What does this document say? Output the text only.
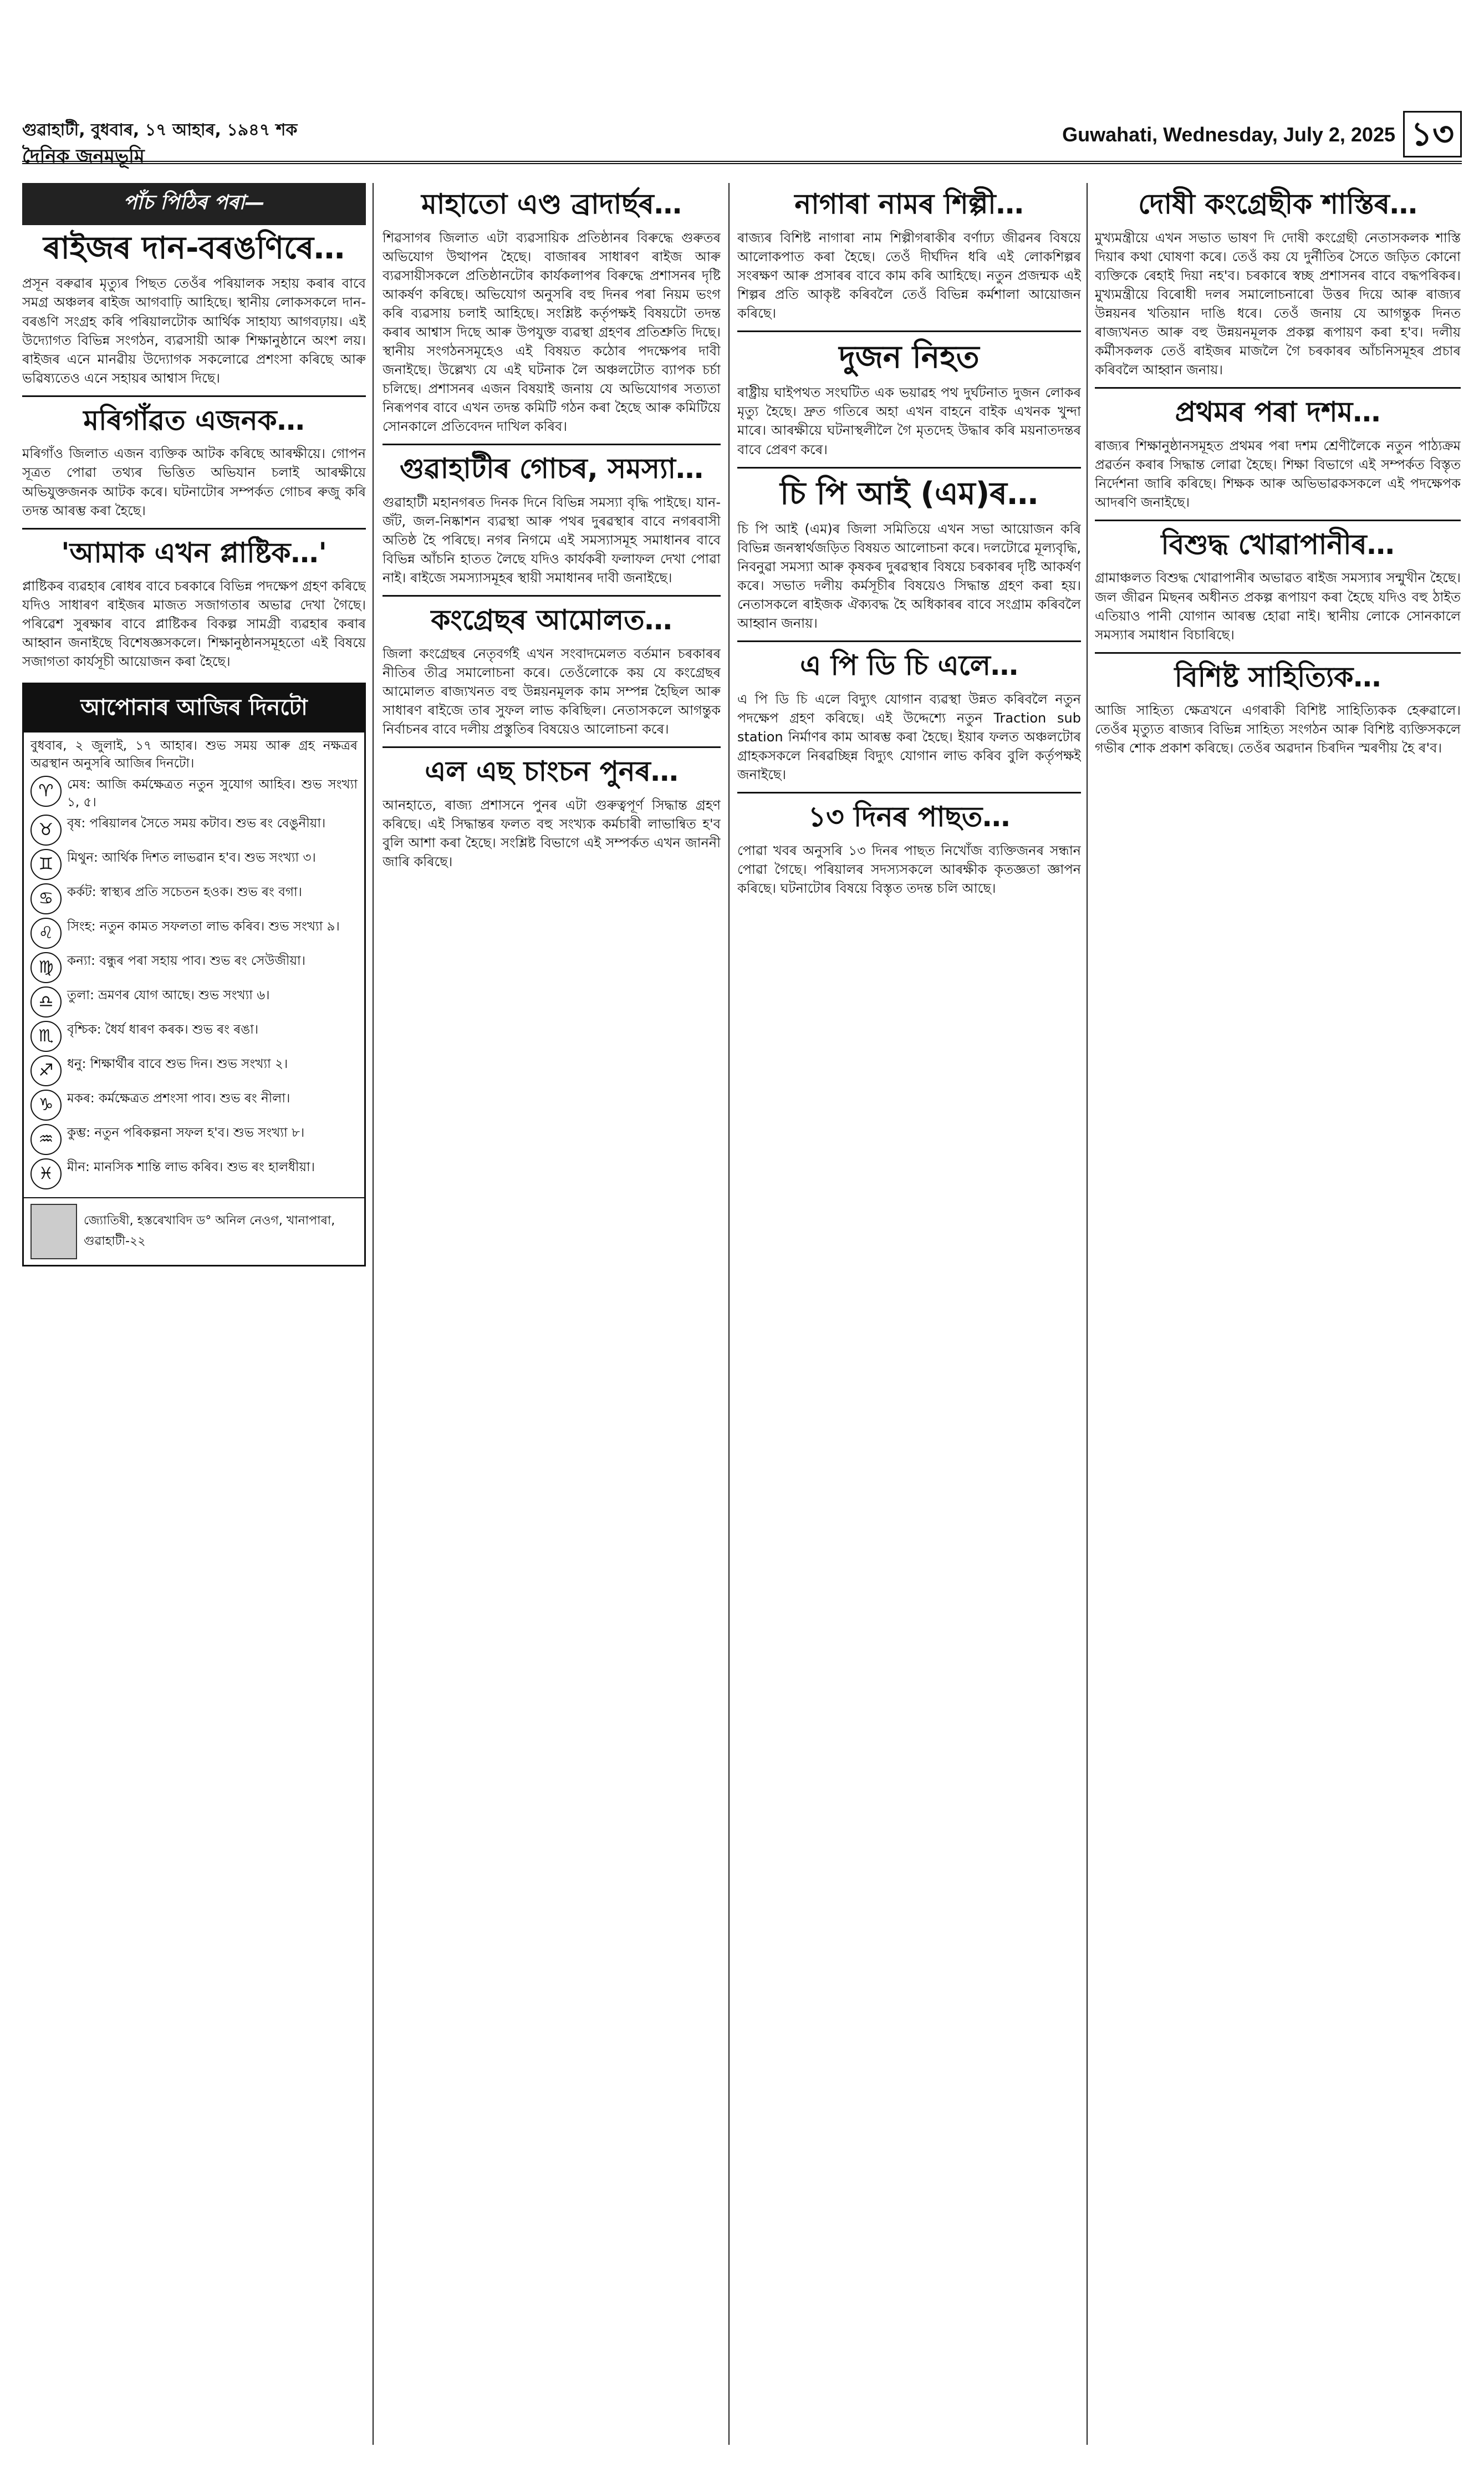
গুৱাহাটী, বুধবাৰ, ১৭ আহাৰ, ১৯৪৭ শক
দৈনিক জনমভূমি
Guwahati, Wednesday, July 2, 2025 ১৩
পাঁচ পিঠিৰ পৰা—
ৰাইজৰ দান-বৰঙণিৰে…

প্ৰসূন বৰুৱাৰ মৃত্যুৰ পিছত তেওঁৰ পৰিয়ালক সহায় কৰাৰ বাবে সমগ্ৰ অঞ্চলৰ ৰাইজ আগবাঢ়ি আহিছে। স্থানীয় লোকসকলে দান-বৰঙণি সংগ্ৰহ কৰি পৰিয়ালটোক আৰ্থিক সাহায্য আগবঢ়ায়। এই উদ্যোগত বিভিন্ন সংগঠন, ব্যৱসায়ী আৰু শিক্ষানুষ্ঠানে অংশ লয়। ৰাইজৰ এনে মানৱীয় উদ্যোগক সকলোৱে প্ৰশংসা কৰিছে আৰু ভৱিষ্যতেও এনে সহায়ৰ আশ্বাস দিছে।

মৰিগাঁৱত এজনক…

মৰিগাঁও জিলাত এজন ব্যক্তিক আটক কৰিছে আৰক্ষীয়ে। গোপন সূত্ৰত পোৱা তথ্যৰ ভিত্তিত অভিযান চলাই আৰক্ষীয়ে অভিযুক্তজনক আটক কৰে। ঘটনাটোৰ সম্পৰ্কত গোচৰ ৰুজু কৰি তদন্ত আৰম্ভ কৰা হৈছে।

'আমাক এখন প্লাষ্টিক…'

প্লাষ্টিকৰ ব্যৱহাৰ ৰোধৰ বাবে চৰকাৰে বিভিন্ন পদক্ষেপ গ্ৰহণ কৰিছে যদিও সাধাৰণ ৰাইজৰ মাজত সজাগতাৰ অভাৱ দেখা গৈছে। পৰিৱেশ সুৰক্ষাৰ বাবে প্লাষ্টিকৰ বিকল্প সামগ্ৰী ব্যৱহাৰ কৰাৰ আহ্বান জনাইছে বিশেষজ্ঞসকলে। শিক্ষানুষ্ঠানসমূহতো এই বিষয়ে সজাগতা কাৰ্যসূচী আয়োজন কৰা হৈছে।

আপোনাৰ আজিৰ দিনটো
বুধবাৰ, ২ জুলাই, ১৭ আহাৰ। শুভ সময় আৰু গ্ৰহ নক্ষত্ৰৰ অৱস্থান অনুসৰি আজিৰ দিনটো।
♈	মেষ: আজি কৰ্মক্ষেত্ৰত নতুন সুযোগ আহিব। শুভ সংখ্যা ১, ৫।
♉	বৃষ: পৰিয়ালৰ সৈতে সময় কটাব। শুভ ৰং বেঙুনীয়া।
♊	মিথুন: আৰ্থিক দিশত লাভৱান হ'ব। শুভ সংখ্যা ৩।
♋	কৰ্কট: স্বাস্থ্যৰ প্ৰতি সচেতন হওক। শুভ ৰং বগা।
♌	সিংহ: নতুন কামত সফলতা লাভ কৰিব। শুভ সংখ্যা ৯।
♍	কন্যা: বন্ধুৰ পৰা সহায় পাব। শুভ ৰং সেউজীয়া।
♎	তুলা: ভ্ৰমণৰ যোগ আছে। শুভ সংখ্যা ৬।
♏	বৃশ্চিক: ধৈৰ্য ধাৰণ কৰক। শুভ ৰং ৰঙা।
♐	ধনু: শিক্ষাৰ্থীৰ বাবে শুভ দিন। শুভ সংখ্যা ২।
♑	মকৰ: কৰ্মক্ষেত্ৰত প্ৰশংসা পাব। শুভ ৰং নীলা।
♒	কুম্ভ: নতুন পৰিকল্পনা সফল হ'ব। শুভ সংখ্যা ৮।
♓	মীন: মানসিক শান্তি লাভ কৰিব। শুভ ৰং হালধীয়া।
জ্যোতিষী, হস্তৰেখাবিদ ড° অনিল নেওগ, খানাপাৰা, গুৱাহাটী-২২
মাহাতো এণ্ড ব্ৰাদাৰ্ছৰ…

শিৱসাগৰ জিলাত এটা ব্যৱসায়িক প্ৰতিষ্ঠানৰ বিৰুদ্ধে গুৰুতৰ অভিযোগ উত্থাপন হৈছে। বাজাৰৰ সাধাৰণ ৰাইজ আৰু ব্যৱসায়ীসকলে প্ৰতিষ্ঠানটোৰ কাৰ্যকলাপৰ বিৰুদ্ধে প্ৰশাসনৰ দৃষ্টি আকৰ্ষণ কৰিছে। অভিযোগ অনুসৰি বহু দিনৰ পৰা নিয়ম ভংগ কৰি ব্যৱসায় চলাই আহিছে। সংশ্লিষ্ট কৰ্তৃপক্ষই বিষয়টো তদন্ত কৰাৰ আশ্বাস দিছে আৰু উপযুক্ত ব্যৱস্থা গ্ৰহণৰ প্ৰতিশ্ৰুতি দিছে। স্থানীয় সংগঠনসমূহেও এই বিষয়ত কঠোৰ পদক্ষেপৰ দাবী জনাইছে। উল্লেখ্য যে এই ঘটনাক লৈ অঞ্চলটোত ব্যাপক চৰ্চা চলিছে। প্ৰশাসনৰ এজন বিষয়াই জনায় যে অভিযোগৰ সত্যতা নিৰূপণৰ বাবে এখন তদন্ত কমিটি গঠন কৰা হৈছে আৰু কমিটিয়ে সোনকালে প্ৰতিবেদন দাখিল কৰিব।

গুৱাহাটীৰ গোচৰ, সমস্যা…

গুৱাহাটী মহানগৰত দিনক দিনে বিভিন্ন সমস্যা বৃদ্ধি পাইছে। যান-জঁট, জল-নিষ্কাশন ব্যৱস্থা আৰু পথৰ দুৰৱস্থাৰ বাবে নগৰবাসী অতিষ্ঠ হৈ পৰিছে। নগৰ নিগমে এই সমস্যাসমূহ সমাধানৰ বাবে বিভিন্ন আঁচনি হাতত লৈছে যদিও কাৰ্যকৰী ফলাফল দেখা পোৱা নাই। ৰাইজে সমস্যাসমূহৰ স্থায়ী সমাধানৰ দাবী জনাইছে।

কংগ্ৰেছৰ আমোলত…

জিলা কংগ্ৰেছৰ নেতৃবৰ্গই এখন সংবাদমেলত বৰ্তমান চৰকাৰৰ নীতিৰ তীব্ৰ সমালোচনা কৰে। তেওঁলোকে কয় যে কংগ্ৰেছৰ আমোলত ৰাজ্যখনত বহু উন্নয়নমূলক কাম সম্পন্ন হৈছিল আৰু সাধাৰণ ৰাইজে তাৰ সুফল লাভ কৰিছিল। নেতাসকলে আগন্তুক নিৰ্বাচনৰ বাবে দলীয় প্ৰস্তুতিৰ বিষয়েও আলোচনা কৰে।

এল এছ চাংচন পুনৰ…

আনহাতে, ৰাজ্য প্ৰশাসনে পুনৰ এটা গুৰুত্বপূৰ্ণ সিদ্ধান্ত গ্ৰহণ কৰিছে। এই সিদ্ধান্তৰ ফলত বহু সংখ্যক কৰ্মচাৰী লাভান্বিত হ'ব বুলি আশা কৰা হৈছে। সংশ্লিষ্ট বিভাগে এই সম্পৰ্কত এখন জাননী জাৰি কৰিছে।

নাগাৰা নামৰ শিল্পী…

ৰাজ্যৰ বিশিষ্ট নাগাৰা নাম শিল্পীগৰাকীৰ বৰ্ণাঢ্য জীৱনৰ বিষয়ে আলোকপাত কৰা হৈছে। তেওঁ দীৰ্ঘদিন ধৰি এই লোকশিল্পৰ সংৰক্ষণ আৰু প্ৰসাৰৰ বাবে কাম কৰি আহিছে। নতুন প্ৰজন্মক এই শিল্পৰ প্ৰতি আকৃষ্ট কৰিবলৈ তেওঁ বিভিন্ন কৰ্মশালা আয়োজন কৰিছে।

দুজন নিহত

ৰাষ্ট্ৰীয় ঘাইপথত সংঘটিত এক ভয়াৱহ পথ দুৰ্ঘটনাত দুজন লোকৰ মৃত্যু হৈছে। দ্ৰুত গতিৰে অহা এখন বাহনে বাইক এখনক খুন্দা মাৰে। আৰক্ষীয়ে ঘটনাস্থলীলৈ গৈ মৃতদেহ উদ্ধাৰ কৰি ময়নাতদন্তৰ বাবে প্ৰেৰণ কৰে।

চি পি আই (এম)ৰ…

চি পি আই (এম)ৰ জিলা সমিতিয়ে এখন সভা আয়োজন কৰি বিভিন্ন জনস্বাৰ্থজড়িত বিষয়ত আলোচনা কৰে। দলটোৱে মূল্যবৃদ্ধি, নিবনুৱা সমস্যা আৰু কৃষকৰ দুৰৱস্থাৰ বিষয়ে চৰকাৰৰ দৃষ্টি আকৰ্ষণ কৰে। সভাত দলীয় কৰ্মসূচীৰ বিষয়েও সিদ্ধান্ত গ্ৰহণ কৰা হয়। নেতাসকলে ৰাইজক ঐক্যবদ্ধ হৈ অধিকাৰৰ বাবে সংগ্ৰাম কৰিবলৈ আহ্বান জনায়।

এ পি ডি চি এলে…

এ পি ডি চি এলে বিদ্যুৎ যোগান ব্যৱস্থা উন্নত কৰিবলৈ নতুন পদক্ষেপ গ্ৰহণ কৰিছে। এই উদ্দেশ্যে নতুন Traction sub station নিৰ্মাণৰ কাম আৰম্ভ কৰা হৈছে। ইয়াৰ ফলত অঞ্চলটোৰ গ্ৰাহকসকলে নিৰৱচ্ছিন্ন বিদ্যুৎ যোগান লাভ কৰিব বুলি কৰ্তৃপক্ষই জনাইছে।

১৩ দিনৰ পাছত…

পোৱা খবৰ অনুসৰি ১৩ দিনৰ পাছত নিখোঁজ ব্যক্তিজনৰ সন্ধান পোৱা গৈছে। পৰিয়ালৰ সদস্যসকলে আৰক্ষীক কৃতজ্ঞতা জ্ঞাপন কৰিছে। ঘটনাটোৰ বিষয়ে বিস্তৃত তদন্ত চলি আছে।

দোষী কংগ্ৰেছীক শাস্তিৰ…

মুখ্যমন্ত্ৰীয়ে এখন সভাত ভাষণ দি দোষী কংগ্ৰেছী নেতাসকলক শাস্তি দিয়াৰ কথা ঘোষণা কৰে। তেওঁ কয় যে দুৰ্নীতিৰ সৈতে জড়িত কোনো ব্যক্তিকে ৰেহাই দিয়া নহ'ব। চৰকাৰে স্বচ্ছ প্ৰশাসনৰ বাবে বদ্ধপৰিকৰ। মুখ্যমন্ত্ৰীয়ে বিৰোধী দলৰ সমালোচনাৰো উত্তৰ দিয়ে আৰু ৰাজ্যৰ উন্নয়নৰ খতিয়ান দাঙি ধৰে। তেওঁ জনায় যে আগন্তুক দিনত ৰাজ্যখনত আৰু বহু উন্নয়নমূলক প্ৰকল্প ৰূপায়ণ কৰা হ'ব। দলীয় কৰ্মীসকলক তেওঁ ৰাইজৰ মাজলৈ গৈ চৰকাৰৰ আঁচনিসমূহৰ প্ৰচাৰ কৰিবলৈ আহ্বান জনায়।

প্ৰথমৰ পৰা দশম…

ৰাজ্যৰ শিক্ষানুষ্ঠানসমূহত প্ৰথমৰ পৰা দশম শ্ৰেণীলৈকে নতুন পাঠ্যক্ৰম প্ৰৱৰ্তন কৰাৰ সিদ্ধান্ত লোৱা হৈছে। শিক্ষা বিভাগে এই সম্পৰ্কত বিস্তৃত নিৰ্দেশনা জাৰি কৰিছে। শিক্ষক আৰু অভিভাৱকসকলে এই পদক্ষেপক আদৰণি জনাইছে।

বিশুদ্ধ খোৱাপানীৰ…

গ্ৰামাঞ্চলত বিশুদ্ধ খোৱাপানীৰ অভাৱত ৰাইজ সমস্যাৰ সন্মুখীন হৈছে। জল জীৱন মিছনৰ অধীনত প্ৰকল্প ৰূপায়ণ কৰা হৈছে যদিও বহু ঠাইত এতিয়াও পানী যোগান আৰম্ভ হোৱা নাই। স্থানীয় লোকে সোনকালে সমস্যাৰ সমাধান বিচাৰিছে।

বিশিষ্ট সাহিত্যিক…

আজি সাহিত্য ক্ষেত্ৰখনে এগৰাকী বিশিষ্ট সাহিত্যিকক হেৰুৱালে। তেওঁৰ মৃত্যুত ৰাজ্যৰ বিভিন্ন সাহিত্য সংগঠন আৰু বিশিষ্ট ব্যক্তিসকলে গভীৰ শোক প্ৰকাশ কৰিছে। তেওঁৰ অৱদান চিৰদিন স্মৰণীয় হৈ ৰ'ব।
